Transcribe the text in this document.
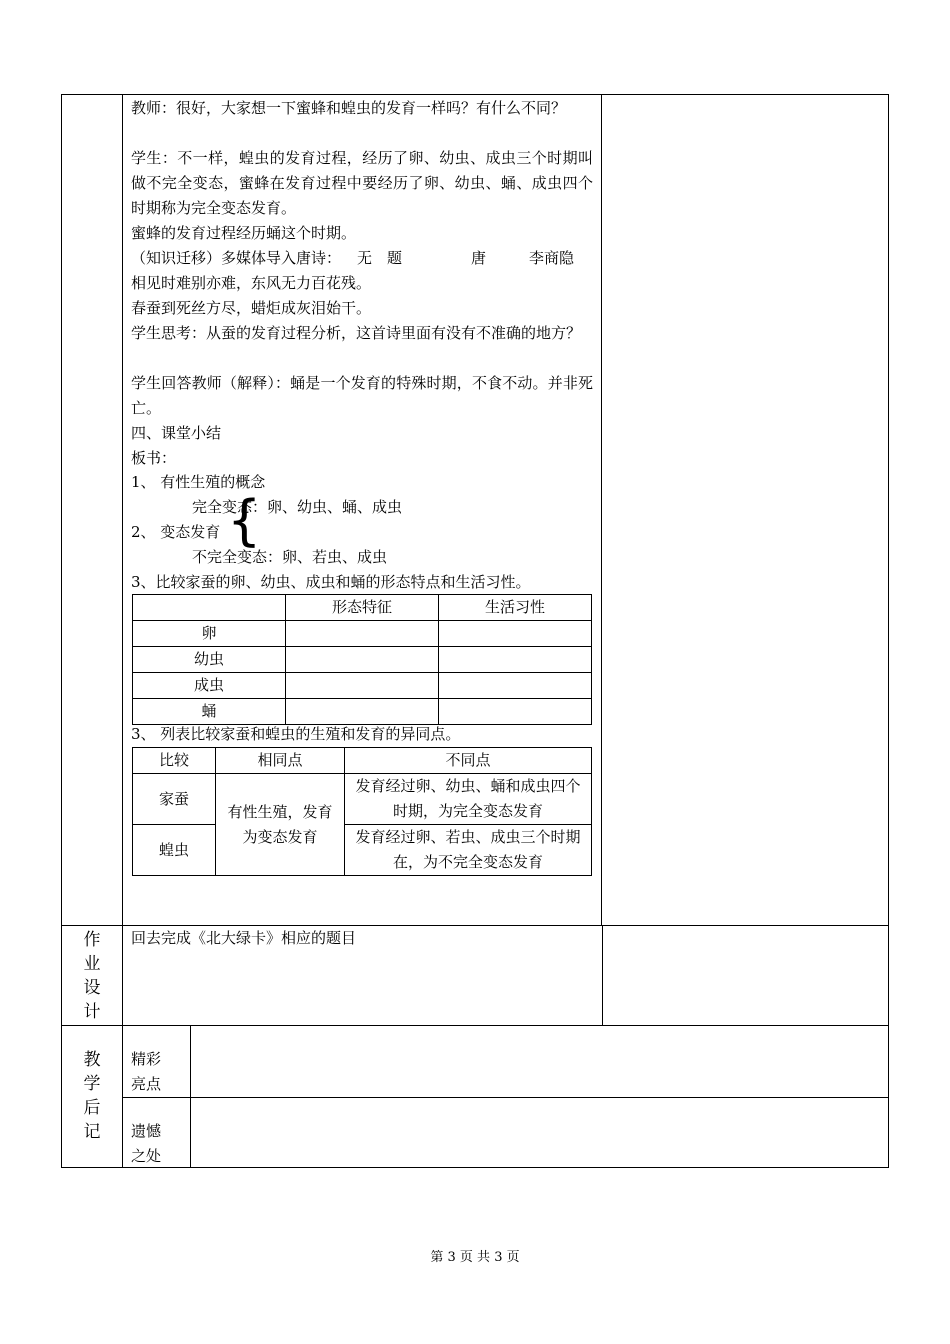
教师：很好，大家想一下蜜蜂和蝗虫的发育一样吗？有什么不同？
学生：不一样，蝗虫的发育过程，经历了卵、幼虫、成虫三个时期叫做不完全变态，蜜蜂在发育过程中要经历了卵、幼虫、蛹、成虫四个时期称为完全变态发育。
蜜蜂的发育过程经历蛹这个时期。
（知识迁移）多媒体导入唐诗： 无　题	唐	李商隐
相见时难别亦难，东风无力百花残。
春蚕到死丝方尽，蜡炬成灰泪始干。
学生思考：从蚕的发育过程分析，这首诗里面有没有不准确的地方？
学生回答教师（解释）：蛹是一个发育的特殊时期，不食不动。并非死亡。
四、课堂小结
板书：
1、 有性生殖的概念
完全变态：卵、幼虫、蛹、成虫
2、 变态发育 {
不完全变态：卵、若虫、成虫
3、比较家蚕的卵、幼虫、成虫和蛹的形态特点和生活习性。
	形态特征	生活习性
卵		
幼虫		
成虫		
蛹		
3、 列表比较家蚕和蝗虫的生殖和发育的异同点。
比较	相同点	不同点
家蚕	有性生殖，发育为变态发育	发育经过卵、幼虫、蛹和成虫四个时期，为完全变态发育
蝗虫		发育经过卵、若虫、成虫三个时期在，为不完全变态发育
作
业
设
计
回去完成《北大绿卡》相应的题目
教
学
后
记
精彩亮点
遗憾之处
第 3 页 共 3 页
